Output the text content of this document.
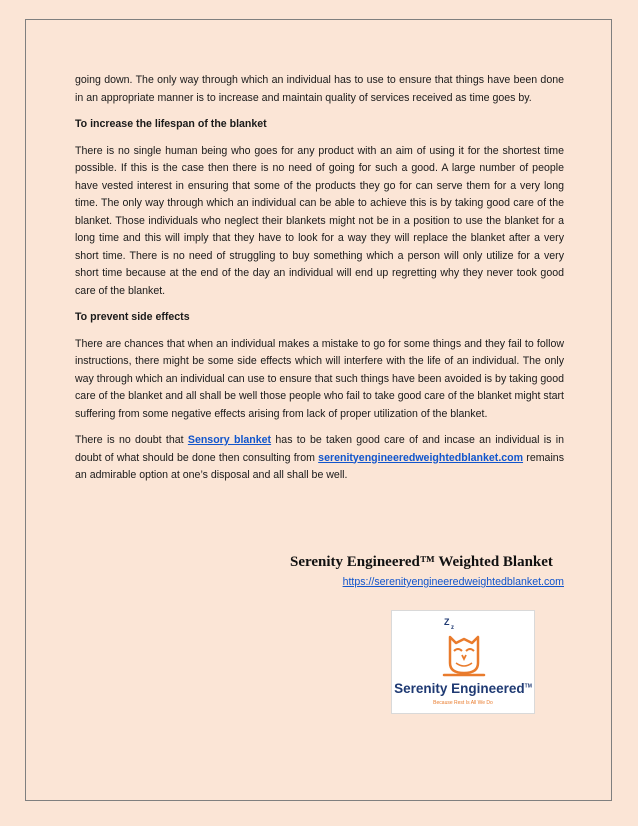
going down. The only way through which an individual has to use to ensure that things have been done in an appropriate manner is to increase and maintain quality of services received as time goes by.

To increase the lifespan of the blanket

There is no single human being who goes for any product with an aim of using it for the shortest time possible. If this is the case then there is no need of going for such a good. A large number of people have vested interest in ensuring that some of the products they go for can serve them for a very long time. The only way through which an individual can be able to achieve this is by taking good care of the blanket. Those individuals who neglect their blankets might not be in a position to use the blanket for a long time and this will imply that they have to look for a way they will replace the blanket after a very short time. There is no need of struggling to buy something which a person will only utilize for a very short time because at the end of the day an individual will end up regretting why they never took good care of the blanket.

To prevent side effects

There are chances that when an individual makes a mistake to go for some things and they fail to follow instructions, there might be some side effects which will interfere with the life of an individual. The only way through which an individual can use to ensure that such things have been avoided is by taking good care of the blanket and all shall be well those people who fail to take good care of the blanket might start suffering from some negative effects arising from lack of proper utilization of the blanket.

There is no doubt that Sensory blanket has to be taken good care of and incase an individual is in doubt of what should be done then consulting from serenityengineeredweightedblanket.com remains an admirable option at one’s disposal and all shall be well.

Serenity Engineered™ Weighted Blanket
https://serenityengineeredweightedblanket.com
Z
z
Serenity Engineered™
Because Rest Is All We Do
